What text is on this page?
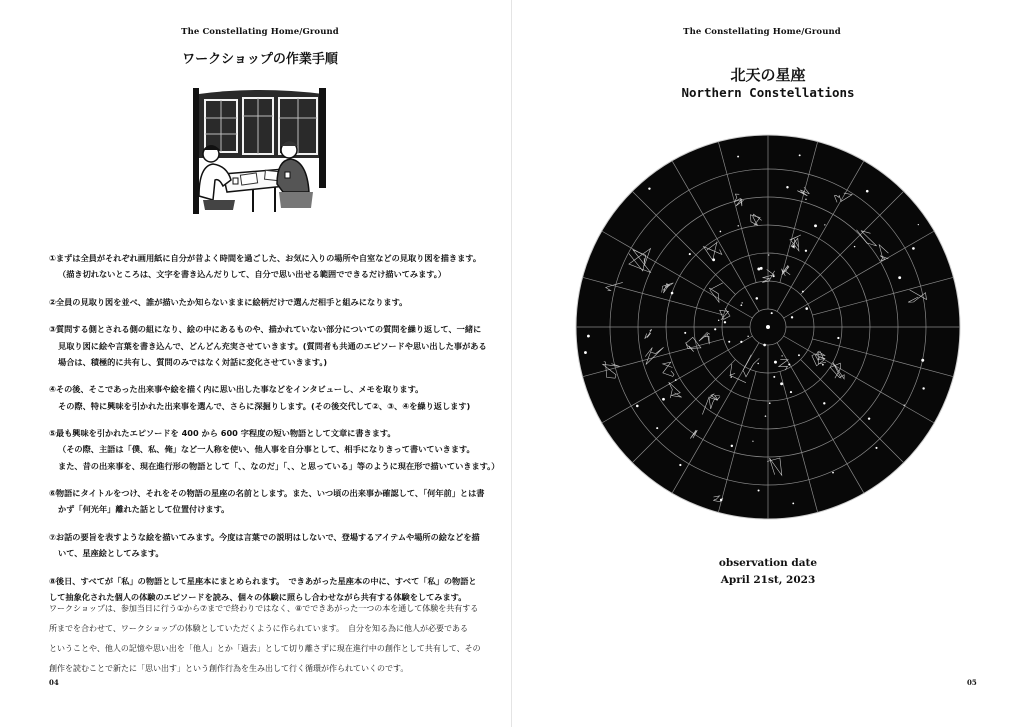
The Constellating Home/Ground
ワークショップの作業手順
①まずは全員がそれぞれ画用紙に自分が昔よく時間を過ごした、お気に入りの場所や自室などの見取り図を描きます。
（描き切れないところは、文字を書き込んだりして、自分で思い出せる範囲でできるだけ描いてみます。）
②全員の見取り図を並べ、誰が描いたか知らないままに絵柄だけで選んだ相手と組みになります。
③質問する側とされる側の組になり、絵の中にあるものや、描かれていない部分についての質問を繰り返して、一緒に
見取り図に絵や言葉を書き込んで、どんどん充実させていきます。(質問者も共通のエピソードや思い出した事がある
場合は、積極的に共有し、質問のみではなく対話に変化させていきます。)
④その後、そこであった出来事や絵を描く内に思い出した事などをインタビューし、メモを取ります。
その際、特に興味を引かれた出来事を選んで、さらに深掘りします。(その後交代して②、③、④を繰り返します)
⑤最も興味を引かれたエピソードを 400 から 600 字程度の短い物語として文章に書きます。
（その際、主語は「僕、私、俺」など一人称を使い、他人事を自分事として、相手になりきって書いていきます。
また、昔の出来事を、現在進行形の物語として「、、なのだ」「、、と思っている」等のように現在形で描いていきます。）
⑥物語にタイトルをつけ、それをその物語の星座の名前とします。また、いつ頃の出来事か確認して、「何年前」とは書
かず「何光年」離れた話として位置付けます。
⑦お話の要旨を表すような絵を描いてみます。今度は言葉での説明はしないで、登場するアイテムや場所の絵などを描
いて、星座絵としてみます。
⑧後日、すべてが「私」の物語として星座本にまとめられます。　できあがった星座本の中に、すべて「私」の物語と
して抽象化された個人の体験のエピソードを読み、個々の体験に照らし合わせながら共有する体験をしてみます。
ワークショップは、参加当日に行う①から⑦までで終わりではなく、⑧でできあがった一つの本を通して体験を共有する
所までを合わせて、ワークショップの体験としていただくように作られています。　自分を知る為に他人が必要である
ということや、他人の記憶や思い出を「他人」とか「過去」として切り離さずに現在進行中の創作として共有して、その
創作を読むことで新たに「思い出す」という創作行為を生み出して行く循環が作られていくのです。
04
The Constellating Home/Ground
北天の星座
Northern Constellations
observation date
April 21st, 2023
05
